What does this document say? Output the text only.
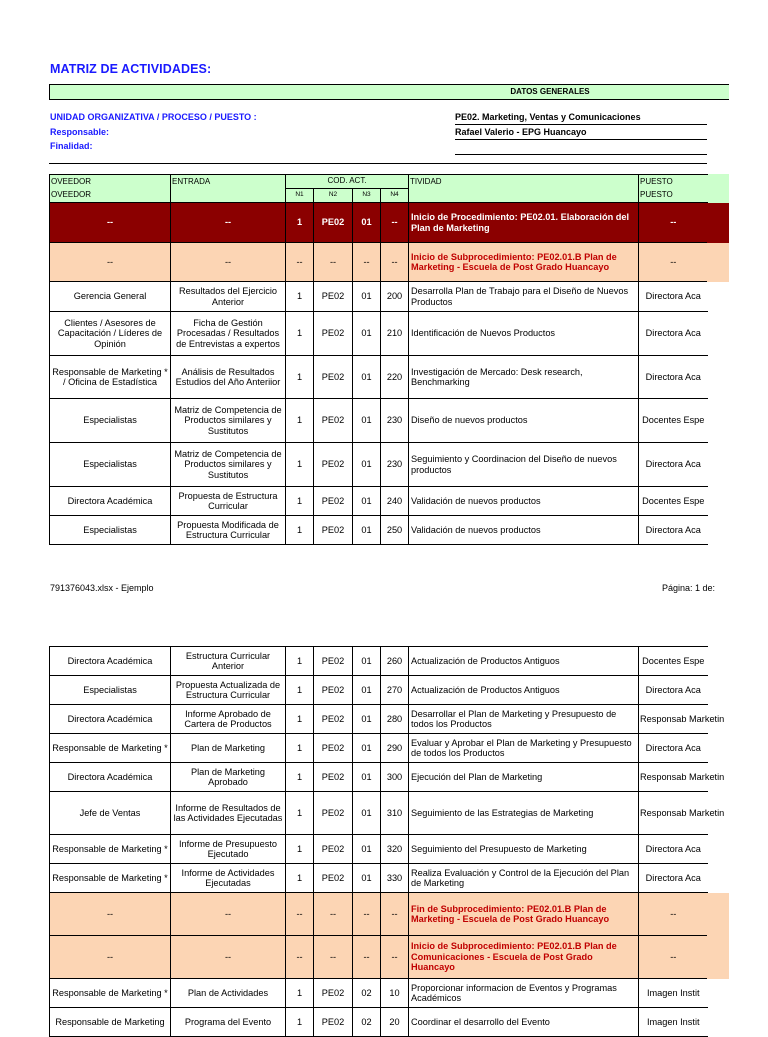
MATRIZ DE ACTIVIDADES:
DATOS GENERALES
UNIDAD ORGANIZATIVA / PROCESO / PUESTO :	PE02. Marketing, Ventas y Comunicaciones
Responsable:	Rafael Valerio - EPG Huancayo
Finalidad:
OVEEDOR	ENTRADA	COD. ACT.				TIVIDAD	PUESTO
OVEEDOR		N1	N2	N3	N4		PUESTO
--	--	1	PE02	01	--	Inicio de Procedimiento: PE02.01. Elaboración del Plan de Marketing	--
--	--	--	--	--	--	Inicio de Subprocedimiento: PE02.01.B Plan de Marketing - Escuela de Post Grado Huancayo	--
Gerencia General	Resultados del Ejercicio Anterior	1	PE02	01	200	Desarrolla Plan de Trabajo para el Diseño de Nuevos Productos	Directora Aca
Clientes / Asesores de Capacitación / Líderes de Opinión	Ficha de Gestión Procesadas / Resultados de Entrevistas a expertos	1	PE02	01	210	Identificación de Nuevos Productos	Directora Aca
Responsable de Marketing * / Oficina de Estadística	Análisis de Resultados Estudios del Año Anteriior	1	PE02	01	220	Investigación de Mercado: Desk research, Benchmarking	Directora Aca
Especialistas	Matriz de Competencia de Productos similares y Sustitutos	1	PE02	01	230	Diseño de nuevos productos	Docentes Espe
Especialistas	Matriz de Competencia de Productos similares y Sustitutos	1	PE02	01	230	Seguimiento y Coordinacion del Diseño de nuevos productos	Directora Aca
Directora Académica	Propuesta de Estructura Curricular	1	PE02	01	240	Validación de nuevos productos	Docentes Espe
Especialistas	Propuesta Modificada de Estructura Curricular	1	PE02	01	250	Validación de nuevos productos	Directora Aca
791376043.xlsx - Ejemplo	Página: 1 de:
Directora Académica	Estructura Curricular Anterior	1	PE02	01	260	Actualización de Productos Antiguos	Docentes Espe
Especialistas	Propuesta Actualizada de Estructura Curricular	1	PE02	01	270	Actualización de Productos Antiguos	Directora Aca
Directora Académica	Informe Aprobado de Cartera de Productos	1	PE02	01	280	Desarrollar el Plan de Marketing y Presupuesto de todos los Productos	Responsab Marketin
Responsable de Marketing *	Plan de Marketing	1	PE02	01	290	Evaluar y Aprobar el Plan de Marketing y Presupuesto de todos los Productos	Directora Aca
Directora Académica	Plan de Marketing Aprobado	1	PE02	01	300	Ejecución del Plan de Marketing	Responsab Marketin
Jefe de Ventas	Informe de Resultados de las Actividades Ejecutadas	1	PE02	01	310	Seguimiento de las Estrategias de Marketing	Responsab Marketin
Responsable de Marketing *	Informe de Presupuesto Ejecutado	1	PE02	01	320	Seguimiento del Presupuesto de Marketing	Directora Aca
Responsable de Marketing *	Informe de Actividades Ejecutadas	1	PE02	01	330	Realiza Evaluación y Control de la Ejecución del Plan de Marketing	Directora Aca
--	--	--	--	--	--	Fin de Subprocedimiento: PE02.01.B Plan de Marketing - Escuela de Post Grado Huancayo	--
--	--	--	--	--	--	Inicio de Subprocedimiento: PE02.01.B Plan de Comunicaciones - Escuela de Post Grado Huancayo	--
Responsable de Marketing *	Plan de Actividades	1	PE02	02	10	Proporcionar informacion de Eventos y Programas Académicos	Imagen Instit
Responsable de Marketing	Programa del Evento	1	PE02	02	20	Coordinar el desarrollo del Evento	Imagen Instit
